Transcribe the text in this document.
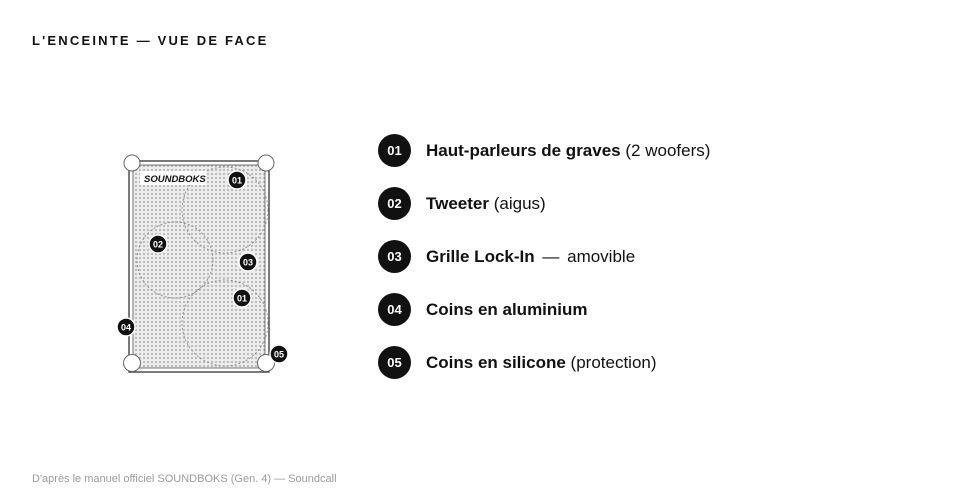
L'ENCEINTE — VUE DE FACE
SOUNDBOKS	01
02
03
01
04
05
01	Haut-parleurs de graves (2 woofers)
02	Tweeter (aigus)
03	Grille Lock-In — amovible
04	Coins en aluminium
05	Coins en silicone (protection)
D'après le manuel officiel SOUNDBOKS (Gen. 4) — Soundcall
